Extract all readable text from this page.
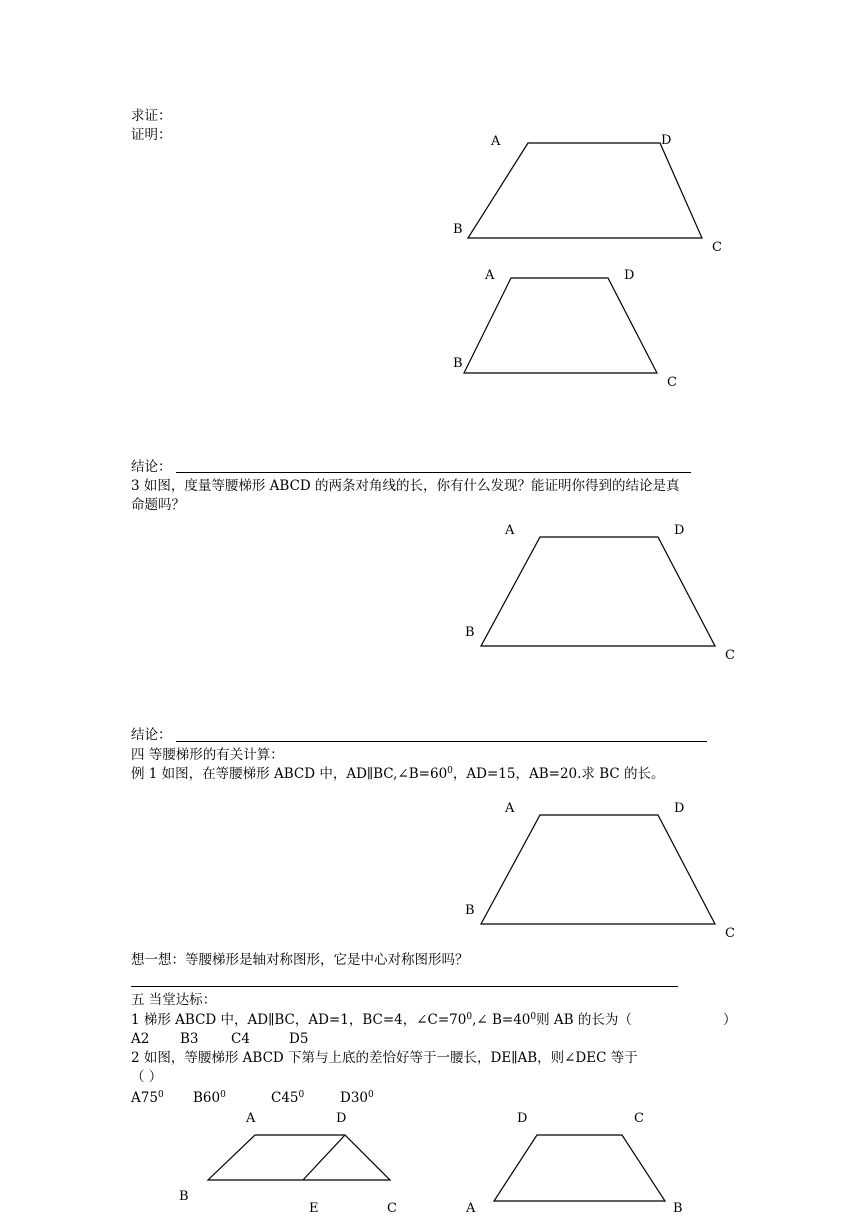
求证：
证明：	A	D
B
C
A	D
B
C
结论：
3 如图，度量等腰梯形 ABCD 的两条对角线的长，你有什么发现？能证明你得到的结论是真
命题吗？
A	D
B
C
结论：
四 等腰梯形的有关计算：
例 1 如图，在等腰梯形 ABCD 中，$AD\parallel BC,\angle B=60^0$，AD=15，AB=20.求 BC 的长。
A	D
B
C
想一想：等腰梯形是轴对称图形，它是中心对称图形吗？
五 当堂达标：
1 梯形 ABCD 中，AD∥BC，AD=1，BC=4，$\angle C=70^0,\angle$ $B=40^0$则 AB 的长为（	）
A2 B3 C4	D5
2 如图，等腰梯形 ABCD 下第与上底的差恰好等于一腰长，DE∥AB，则∠DEC 等于
（ ）
$A75^0$ $B60^0$	$C45^0$	$D30^0$
A	D
B
E	C
D	C
A	B
